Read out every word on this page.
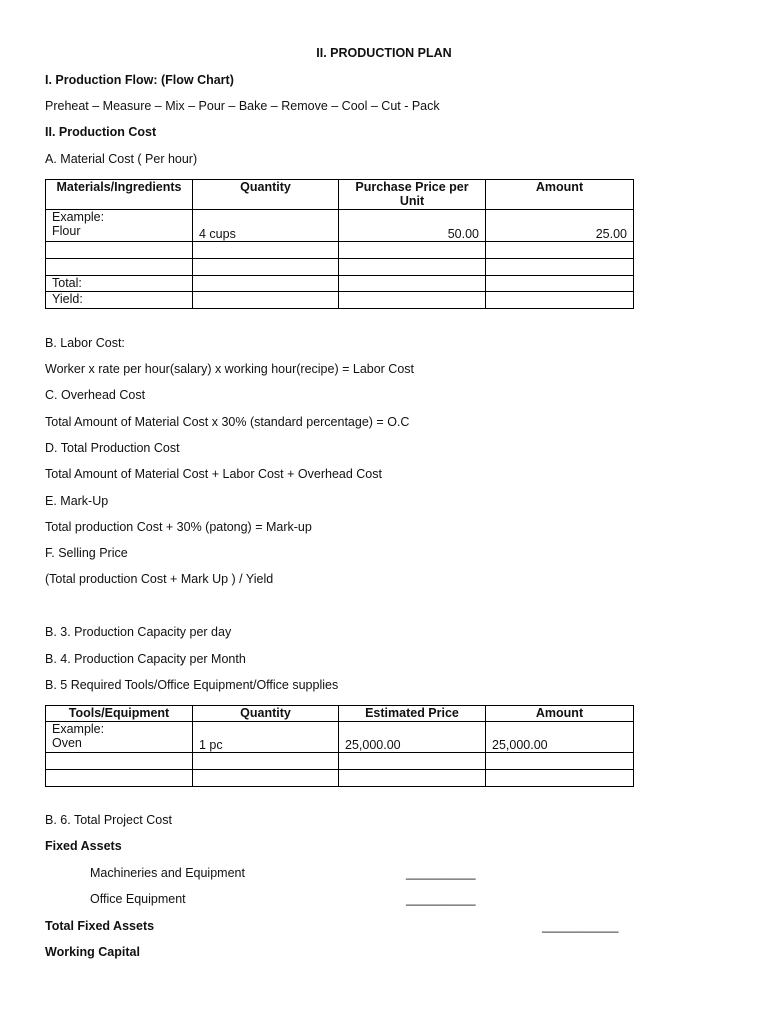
II. PRODUCTION PLAN
I. Production Flow: (Flow Chart)
Preheat – Measure – Mix – Pour – Bake – Remove – Cool – Cut - Pack
II. Production Cost
A. Material Cost ( Per hour)
Materials/Ingredients	Quantity	Purchase Price per Unit	Amount

Example:
Flour	4 cups	50.00	25.00

Total:			
Yield:			
B. Labor Cost:
Worker x rate per hour(salary) x working hour(recipe) = Labor Cost
C. Overhead Cost
Total Amount of Material Cost x 30% (standard percentage) = O.C
D. Total Production Cost
Total Amount of Material Cost + Labor Cost + Overhead Cost
E. Mark-Up
Total production Cost + 30% (patong) = Mark-up
F. Selling Price
(Total production Cost + Mark Up ) / Yield
B. 3. Production Capacity per day
B. 4. Production Capacity per Month
B. 5 Required Tools/Office Equipment/Office supplies
Tools/Equipment	Quantity	Estimated Price	Amount

Example:
Oven	1 pc	25,000.00	25,000.00

B. 6. Total Project Cost
Fixed Assets
Machineries and Equipment	__________
Office Equipment	__________
Total Fixed Assets	___________
Working Capital
